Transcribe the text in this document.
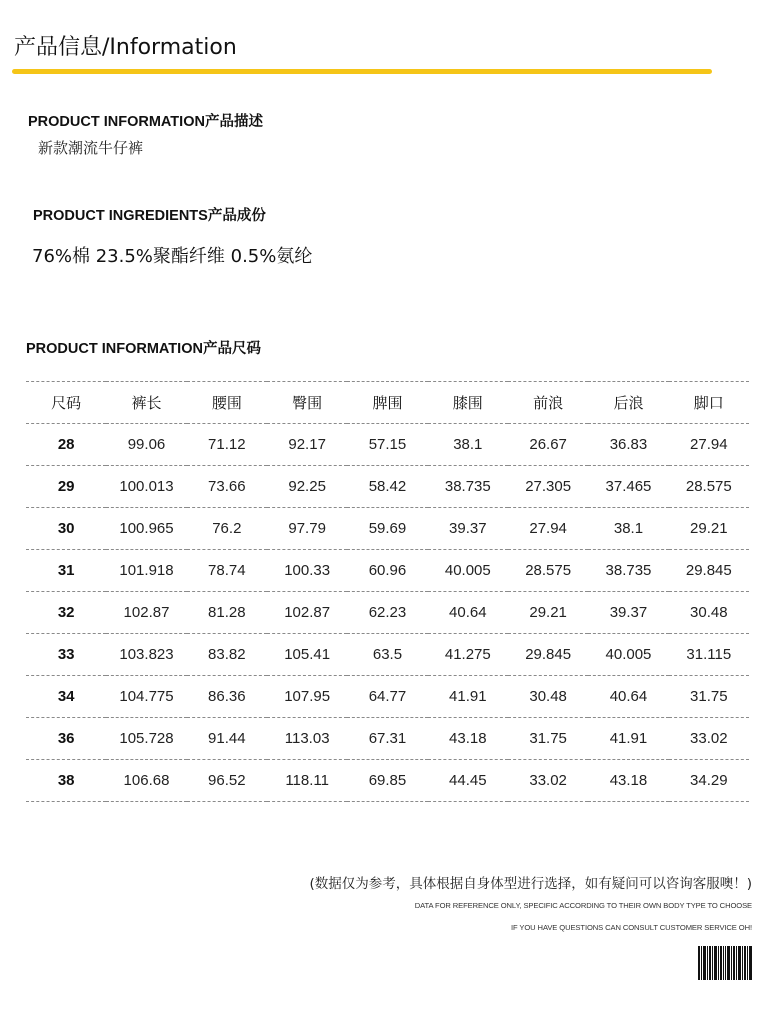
产品信息/Information
PRODUCT INFORMATION产品描述
新款潮流牛仔裤
PRODUCT INGREDIENTS产品成份
76%棉 23.5%聚酯纤维 0.5%氨纶
PRODUCT INFORMATION产品尺码
尺码	裤长	腰围	臀围	脾围	膝围	前浪	后浪	脚口
28	99.06	71.12	92.17	57.15	38.1	26.67	36.83	27.94
29	100.013	73.66	92.25	58.42	38.735	27.305	37.465	28.575
30	100.965	76.2	97.79	59.69	39.37	27.94	38.1	29.21
31	101.918	78.74	100.33	60.96	40.005	28.575	38.735	29.845
32	102.87	81.28	102.87	62.23	40.64	29.21	39.37	30.48
33	103.823	83.82	105.41	63.5	41.275	29.845	40.005	31.115
34	104.775	86.36	107.95	64.77	41.91	30.48	40.64	31.75
36	105.728	91.44	113.03	67.31	43.18	31.75	41.91	33.02
38	106.68	96.52	118.11	69.85	44.45	33.02	43.18	34.29
(数据仅为参考，具体根据自身体型进行选择，如有疑问可以咨询客服噢！)
DATA FOR REFERENCE ONLY, SPECIFIC ACCORDING TO THEIR OWN BODY TYPE TO CHOOSE
IF YOU HAVE QUESTIONS CAN CONSULT CUSTOMER SERVICE OH!
